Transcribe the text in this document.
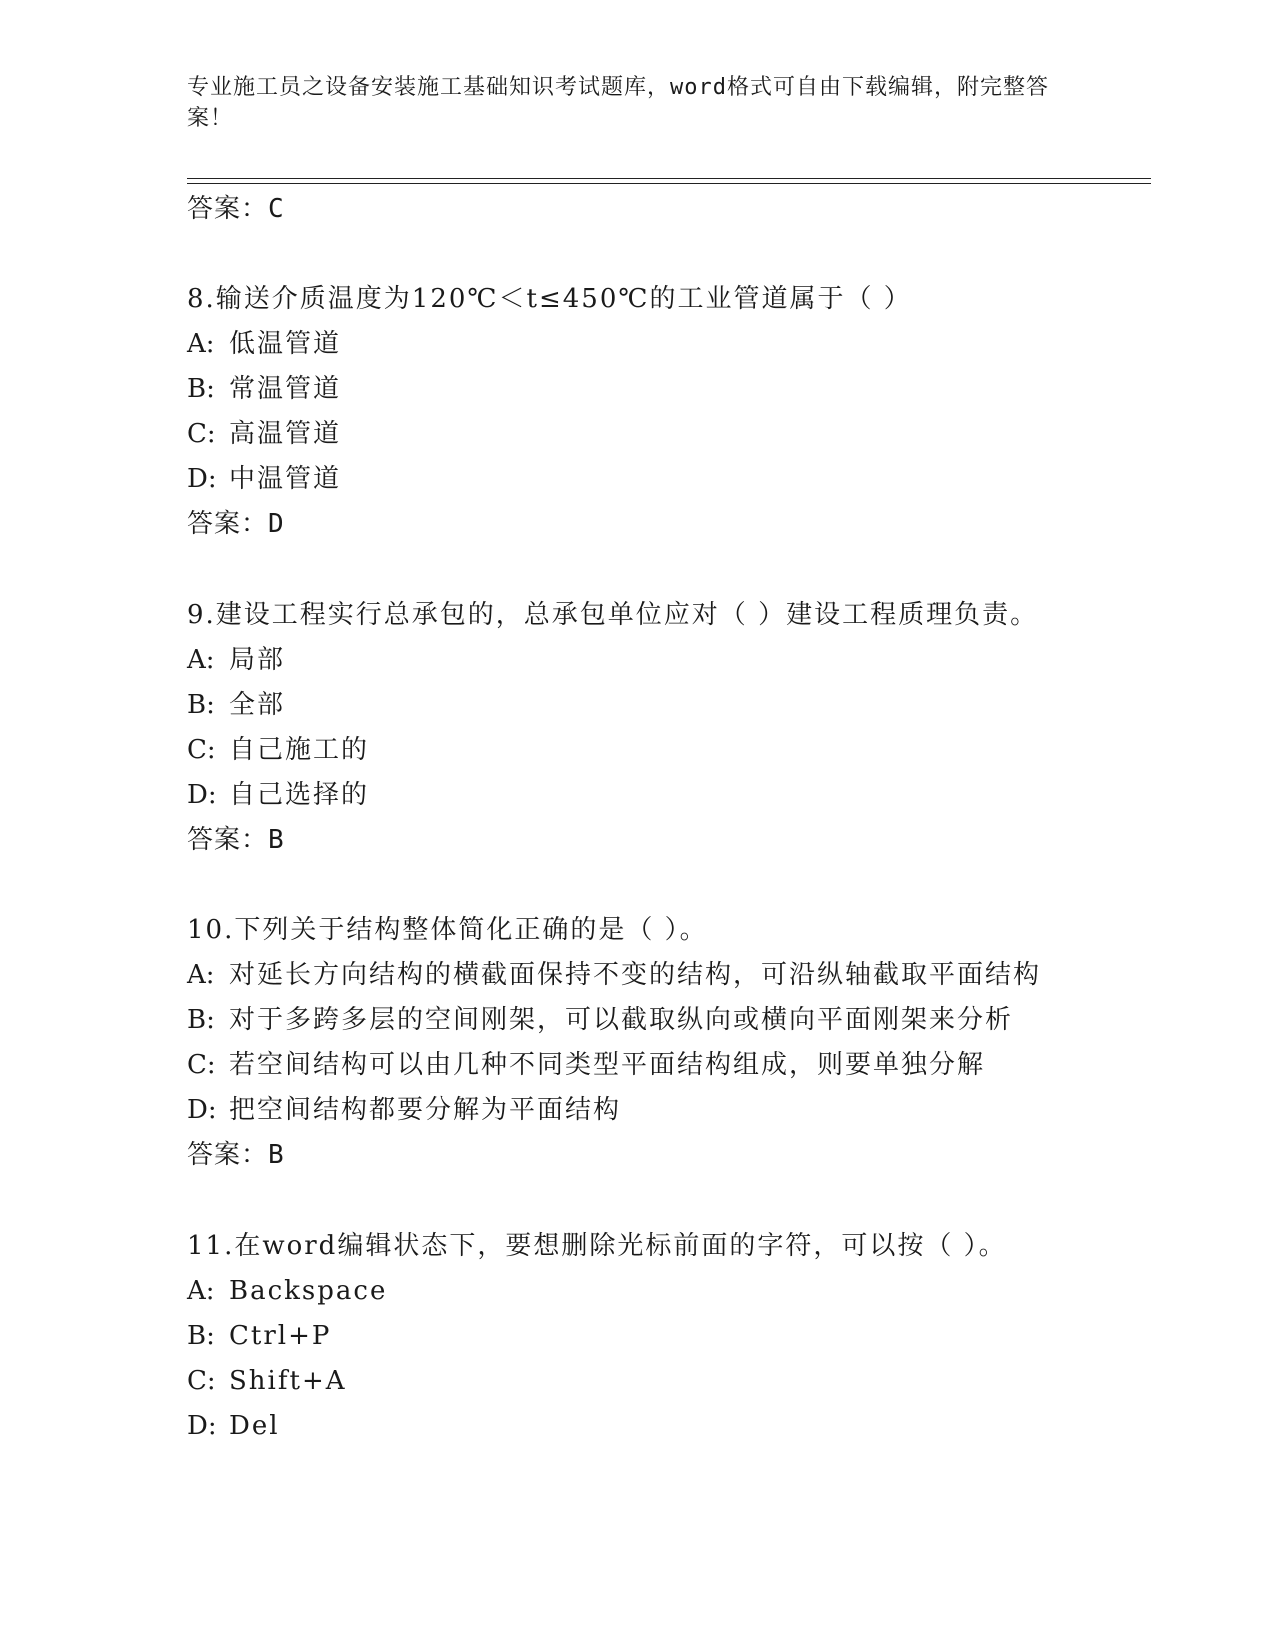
专业施工员之设备安装施工基础知识考试题库，word格式可自由下载编辑，附完整答案！
答案：C
8.输送介质温度为120℃＜t≤450℃的工业管道属于（ ）
A: 低温管道
B: 常温管道
C: 高温管道
D: 中温管道
答案：D
9.建设工程实行总承包的，总承包单位应对（ ）建设工程质理负责。
A: 局部
B: 全部
C: 自己施工的
D: 自己选择的
答案：B
10.下列关于结构整体简化正确的是（ ）。
A: 对延长方向结构的横截面保持不变的结构，可沿纵轴截取平面结构
B: 对于多跨多层的空间刚架，可以截取纵向或横向平面刚架来分析
C: 若空间结构可以由几种不同类型平面结构组成，则要单独分解
D: 把空间结构都要分解为平面结构
答案：B
11.在word编辑状态下，要想删除光标前面的字符，可以按（ ）。
A: Backspace
B: Ctrl+P
C: Shift+A
D: Del
